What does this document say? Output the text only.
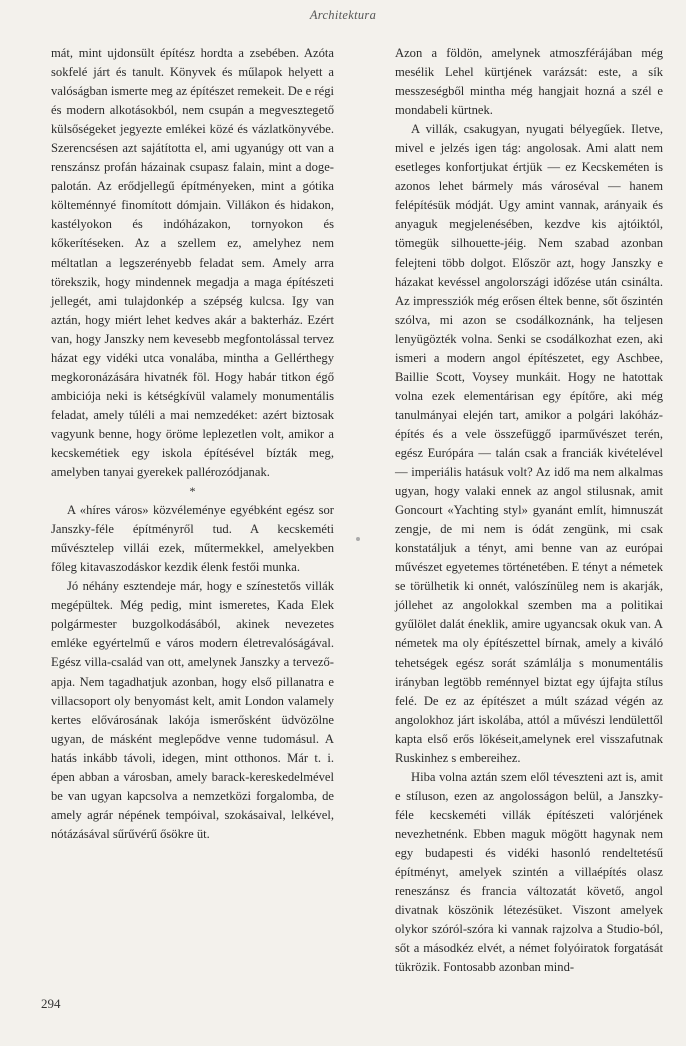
Architektura

mát, mint ujdonsült építész hordta a zsebében. Azóta sokfelé járt és tanult. Könyvek és műlapok helyett a valóságban ismerte meg az építészet remekeit. De e régi és modern alkotásokból, nem csupán a megvesztegető külsőségeket jegyezte emlékei közé és vázlatkönyvébe. Szerencsésen azt sajátította el, ami ugyanúgy ott van a renszánsz profán házainak csupasz falain, mint a doge-palotán. Az erődjellegű építményeken, mint a gótika költeménnyé finomított dómjain. Villákon és hidakon, kastélyokon és indóházakon, tornyokon és kőkerítéseken. Az a szellem ez, amelyhez nem méltatlan a legszerényebb feladat sem. Amely arra törekszik, hogy mindennek megadja a maga építészeti jellegét, ami tulajdonkép a szépség kulcsa. Igy van aztán, hogy miért lehet kedves akár a bakterház. Ezért van, hogy Janszky nem kevesebb megfontolással tervez házat egy vidéki utca vonalába, mintha a Gellérthegy megkoronázására hivatnék föl. Hogy habár titkon égő ambiciója neki is kétségkívül valamely monumentális feladat, amely túléli a mai nemzedéket: azért biztosak vagyunk benne, hogy öröme leplezetlen volt, amikor a kecskemétiek egy iskola építésével bízták meg, amelyben tanyai gyerekek pallérozódjanak.

*

A «híres város» közvéleménye egyébként egész sor Janszky-féle építményről tud. A kecskeméti művésztelep villái ezek, műtermekkel, amelyekben főleg kitavaszodáskor kezdik élenk festői munka.

Jó néhány esztendeje már, hogy e színestetős villák megépültek. Még pedig, mint ismeretes, Kada Elek polgármester buzgolkodásából, akinek nevezetes emléke egyértelmű e város modern életrevalóságával. Egész villa-család van ott, amelynek Janszky a tervező-apja. Nem tagadhatjuk azonban, hogy első pillanatra e villacsoport oly benyomást kelt, amit London valamely kertes elővárosának lakója ismerősként üdvözölne ugyan, de másként meglepődve venne tudomásul. A hatás inkább távoli, idegen, mint otthonos. Már t. i. épen abban a városban, amely barack-kereskedelmével be van ugyan kapcsolva a nemzetközi forgalomba, de amely agrár népének tempóival, szokásaival, lelkével, nótázásával sűrűvérű ősökre üt.

Azon a földön, amelynek atmoszférájában még mesélik Lehel kürtjének varázsát: este, a sík messzeségből mintha még hangjait hozná a szél e mondabeli kürtnek.

A villák, csakugyan, nyugati bélyegűek. Iletve, mivel e jelzés igen tág: angolosak. Ami alatt nem esetleges konfortjukat értjük — ez Kecskeméten is azonos lehet bármely más városéval — hanem felépítésük módját. Ugy amint vannak, arányaik és anyaguk megjelenésében, kezdve kis ajtóiktól, tömegük silhouette-jéig. Nem szabad azonban felejteni több dolgot. Először azt, hogy Janszky e házakat kevéssel angolországi időzése után csinálta. Az impressziók még erősen éltek benne, sőt őszintén szólva, mi azon se csodálkoznánk, ha teljesen lenyügözték volna. Senki se csodálkozhat ezen, aki ismeri a modern angol építészetet, egy Aschbee, Baillie Scott, Voysey munkáit. Hogy ne hatottak volna ezek elementárisan egy építőre, aki még tanulmányai elején tart, amikor a polgári lakóház-építés és a vele összefüggő iparművészet terén, egész Európára — talán csak a franciák kivételével — imperiális hatásuk volt? Az idő ma nem alkalmas ugyan, hogy valaki ennek az angol stilusnak, amit Goncourt «Yachting styl» gyanánt említ, himnuszát zengje, de mi nem is ódát zengünk, mi csak konstatáljuk a tényt, ami benne van az európai művészet egyetemes történetében. E tényt a németek se törülhetik ki onnét, valószínüleg nem is akarják, jóllehet az angolokkal szemben ma a politikai gyűlölet dalát éneklik, amire ugyancsak okuk van. A németek ma oly építészettel bírnak, amely a kiváló tehetségek egész sorát számlálja s monumentális irányban legtöbb reménnyel biztat egy újfajta stílus felé. De ez az építészet a múlt század végén az angolokhoz járt iskolába, attól a művészi lendülettől kapta első erős lökéseit,amelynek erel visszafutnak Ruskinhez s embereihez.

Hiba volna aztán szem elől téveszteni azt is, amit e stíluson, ezen az angolosságon belül, a Janszky-féle kecskeméti villák építészeti valórjének nevezhetnénk. Ebben maguk mögött hagynak nem egy budapesti és vidéki hasonló rendeltetésű építményt, amelyek szintén a villaépítés olasz reneszánsz és francia változatát követő, angol divatnak köszönik létezésüket. Viszont amelyek olykor szóról-szóra ki vannak rajzolva a Studio-ból, sőt a másodkéz elvét, a német folyóiratok forgatását tükrözik. Fontosabb azonban mind-

294
